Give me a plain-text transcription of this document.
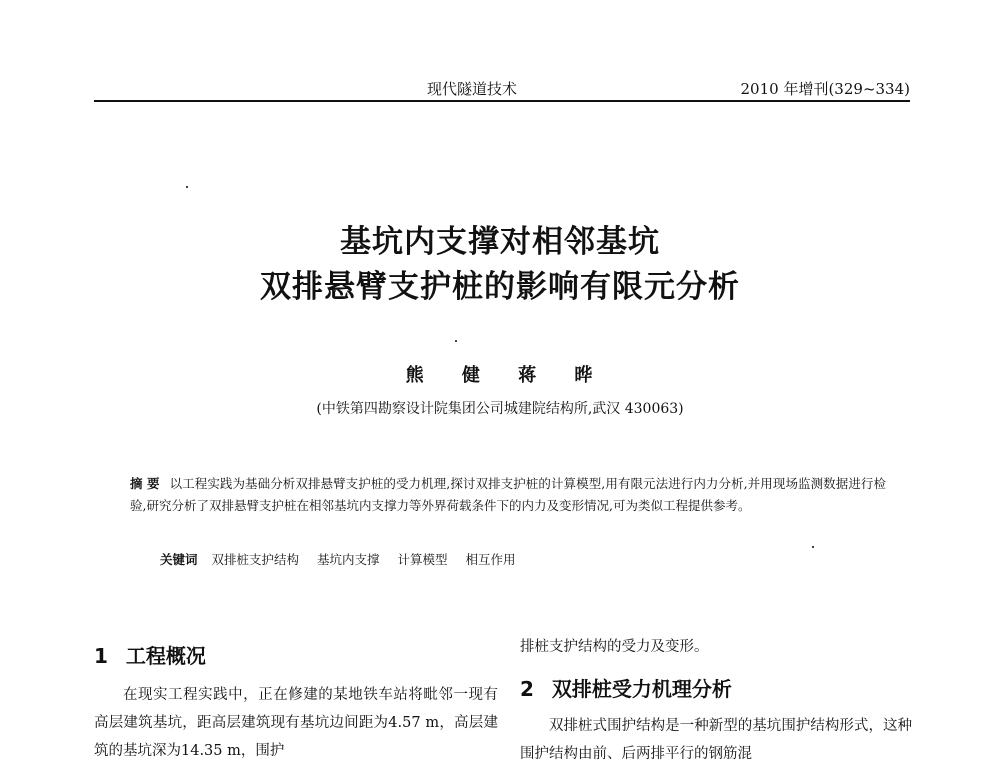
现代隧道技术	2010 年增刊(329~334)
基坑内支撑对相邻基坑
双排悬臂支护桩的影响有限元分析
熊 健 蒋 晔
(中铁第四勘察设计院集团公司城建院结构所,武汉 430063)
摘 要 以工程实践为基础分析双排悬臂支护桩的受力机理,探讨双排支护桩的计算模型,用有限元法进行内力分析,并用现场监测数据进行检验,研究分析了双排悬臂支护桩在相邻基坑内支撑力等外界荷载条件下的内力及变形情况,可为类似工程提供参考。
关键词 双排桩支护结构 基坑内支撑 计算模型 相互作用
1 工程概况

在现实工程实践中，正在修建的某地铁车站将毗邻一现有高层建筑基坑，距高层建筑现有基坑边间距为4.57 m，高层建筑的基坑深为14.35 m，围护

排桩支护结构的受力及变形。

2 双排桩受力机理分析

双排桩式围护结构是一种新型的基坑围护结构形式，这种围护结构由前、后两排平行的钢筋混
